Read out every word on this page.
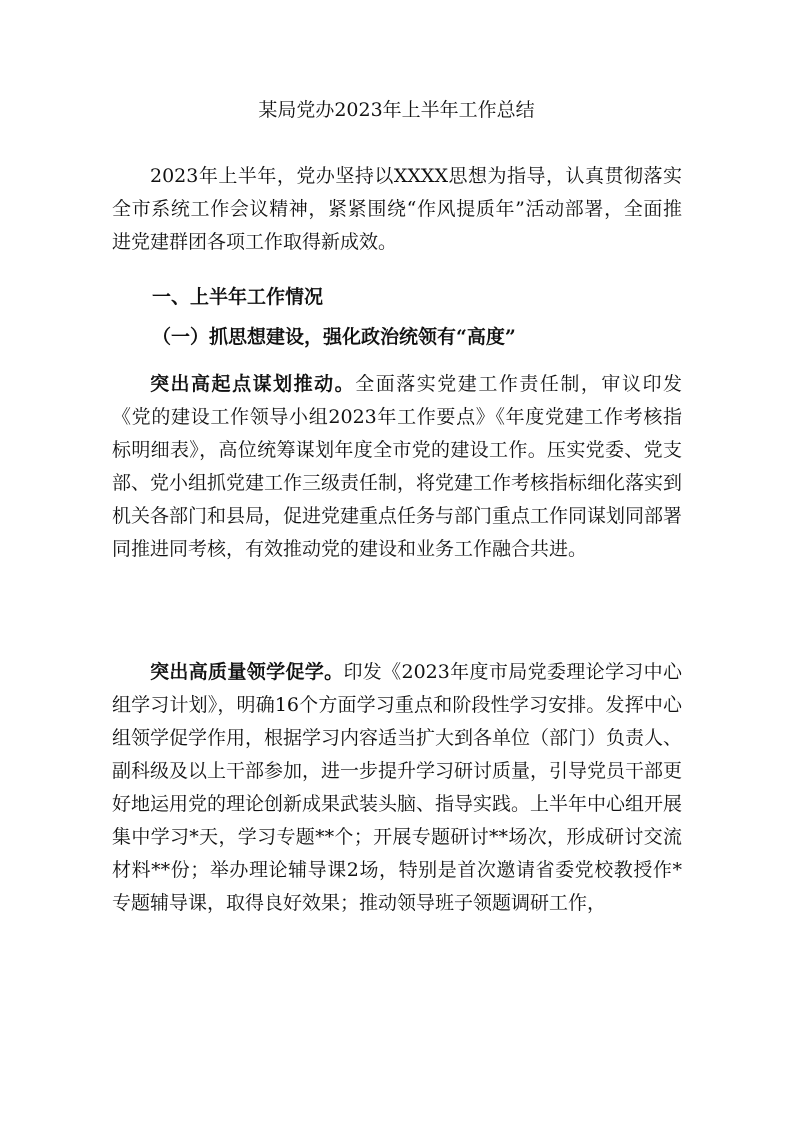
某局党办2023年上半年工作总结

2023年上半年，党办坚持以XXXX思想为指导，认真贯彻落实全市系统工作会议精神，紧紧围绕“作风提质年”活动部署，全面推进党建群团各项工作取得新成效。

一、上半年工作情况
（一）抓思想建设，强化政治统领有“高度”

突出高起点谋划推动。全面落实党建工作责任制，审议印发《党的建设工作领导小组2023年工作要点》《年度党建工作考核指标明细表》，高位统筹谋划年度全市党的建设工作。压实党委、党支部、党小组抓党建工作三级责任制，将党建工作考核指标细化落实到机关各部门和县局，促进党建重点任务与部门重点工作同谋划同部署同推进同考核，有效推动党的建设和业务工作融合共进。

突出高质量领学促学。印发《2023年度市局党委理论学习中心组学习计划》，明确16个方面学习重点和阶段性学习安排。发挥中心组领学促学作用，根据学习内容适当扩大到各单位（部门）负责人、副科级及以上干部参加，进一步提升学习研讨质量，引导党员干部更好地运用党的理论创新成果武装头脑、指导实践。上半年中心组开展集中学习*天，学习专题**个；开展专题研讨**场次，形成研讨交流材料**份；举办理论辅导课2场，特别是首次邀请省委党校教授作*专题辅导课，取得良好效果；推动领导班子领题调研工作，
